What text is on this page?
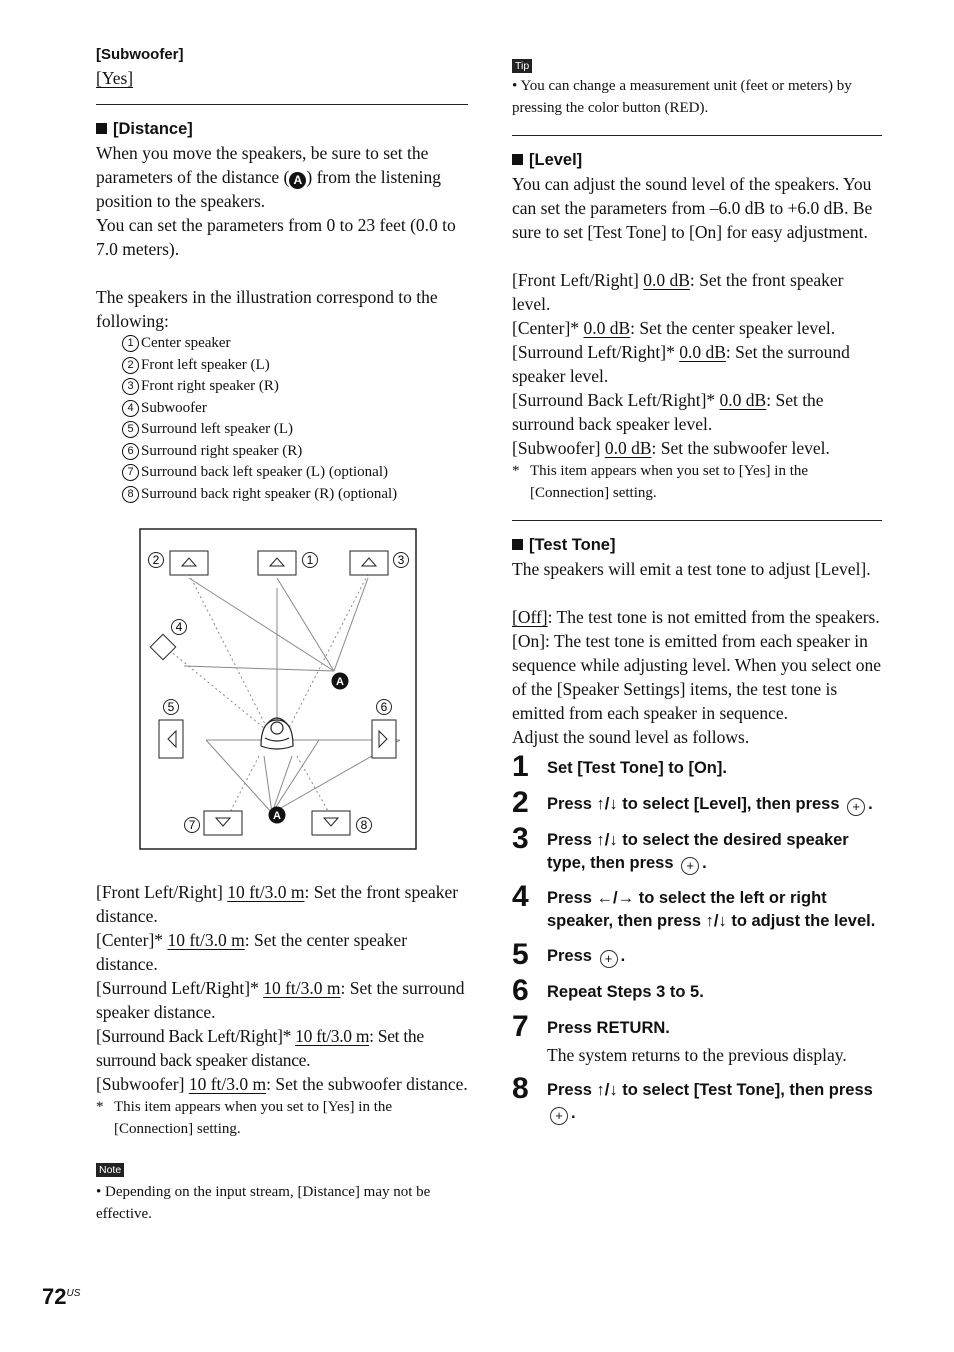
[Subwoofer]
[Yes]
[Distance]

When you move the speakers, be sure to set the parameters of the distance ( A ) from the listening position to the speakers.

You can set the parameters from 0 to 23 feet (0.0 to 7.0 meters).

The speakers in the illustration correspond to the following:

1 Center speaker
2 Front left speaker (L)
3 Front right speaker (R)
4 Subwoofer
5 Surround left speaker (L)
6 Surround right speaker (R)
7 Surround back left speaker (L) (optional)
8 Surround back right speaker (R) (optional)

[Front Left/Right] 10 ft/3.0 m: Set the front speaker distance.

[Center]* 10 ft/3.0 m: Set the center speaker distance.

[Surround Left/Right]* 10 ft/3.0 m: Set the surround speaker distance.

[Surround Back Left/Right]* 10 ft/3.0 m: Set the surround back speaker distance.

[Subwoofer] 10 ft/3.0 m: Set the subwoofer distance.

* This item appears when you set to [Yes] in the [Connection] setting.
Note
• Depending on the input stream, [Distance] may not be effective.
2	1	3
4
5	6
7	8
A
A
Tip
• You can change a measurement unit (feet or meters) by pressing the color button (RED).
[Level]

You can adjust the sound level of the speakers. You can set the parameters from –6.0 dB to +6.0 dB. Be sure to set [Test Tone] to [On] for easy adjustment.

[Front Left/Right] 0.0 dB: Set the front speaker level.

[Center]* 0.0 dB: Set the center speaker level.

[Surround Left/Right]* 0.0 dB: Set the surround speaker level.

[Surround Back Left/Right]* 0.0 dB: Set the surround back speaker level.

[Subwoofer] 0.0 dB: Set the subwoofer level.

* This item appears when you set to [Yes] in the [Connection] setting.
[Test Tone]

The speakers will emit a test tone to adjust [Level].

[Off]: The test tone is not emitted from the speakers.

[On]: The test tone is emitted from each speaker in sequence while adjusting level. When you select one of the [Speaker Settings] items, the test tone is emitted from each speaker in sequence.

Adjust the sound level as follows.

1	Set [Test Tone] to [On].
2	Press ↑/↓ to select [Level], then press + .
3	Press ↑/↓ to select the desired speaker type, then press + .
4	Press ←/→ to select the left or right speaker, then press ↑/↓ to adjust the level.
5	Press + .
6	Repeat Steps 3 to 5.
7	Press RETURN.

The system returns to the previous display.

8	Press ↑/↓ to select [Test Tone], then press + .
$72^{US}$
